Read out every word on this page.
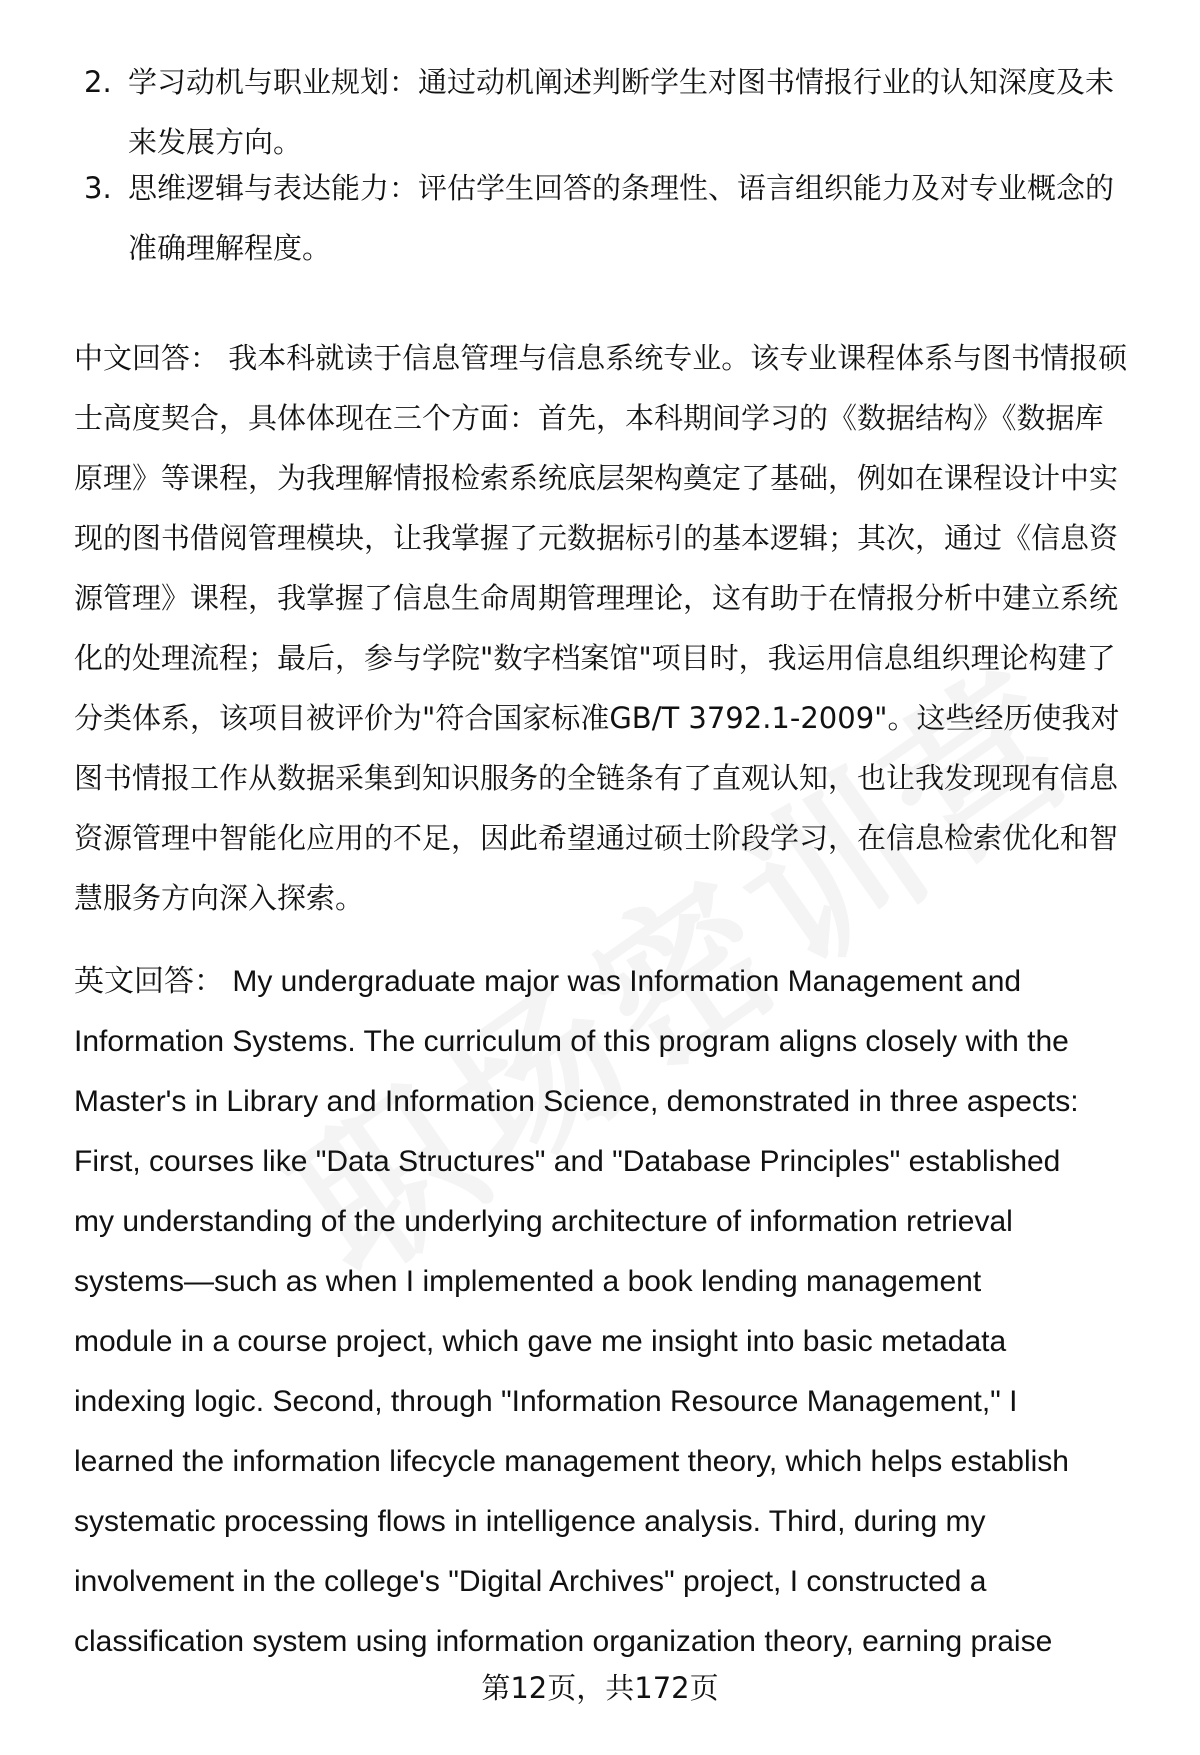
2. 学习动机与职业规划：通过动机阐述判断学生对图书情报行业的认知深度及未
来发展方向。
3. 思维逻辑与表达能力：评估学生回答的条理性、语言组织能力及对专业概念的
准确理解程度。
中文回答： 我本科就读于信息管理与信息系统专业。该专业课程体系与图书情报硕
士高度契合，具体体现在三个方面：首先，本科期间学习的《数据结构》《数据库
原理》等课程，为我理解情报检索系统底层架构奠定了基础，例如在课程设计中实
现的图书借阅管理模块，让我掌握了元数据标引的基本逻辑；其次，通过《信息资
源管理》课程，我掌握了信息生命周期管理理论，这有助于在情报分析中建立系统
化的处理流程；最后，参与学院"数字档案馆"项目时，我运用信息组织理论构建了
分类体系，该项目被评价为"符合国家标准GB/T 3792.1-2009"。这些经历使我对
图书情报工作从数据采集到知识服务的全链条有了直观认知，也让我发现现有信息
资源管理中智能化应用的不足，因此希望通过硕士阶段学习，在信息检索优化和智
慧服务方向深入探索。
英文回答： My undergraduate major was Information Management and
Information Systems. The curriculum of this program aligns closely with the
Master's in Library and Information Science, demonstrated in three aspects:
First, courses like "Data Structures" and "Database Principles" established
my understanding of the underlying architecture of information retrieval
systems—such as when I implemented a book lending management
module in a course project, which gave me insight into basic metadata
indexing logic. Second, through "Information Resource Management," I
learned the information lifecycle management theory, which helps establish
systematic processing flows in intelligence analysis. Third, during my
involvement in the college's "Digital Archives" project, I constructed a
classification system using information organization theory, earning praise
第12页，共172页
